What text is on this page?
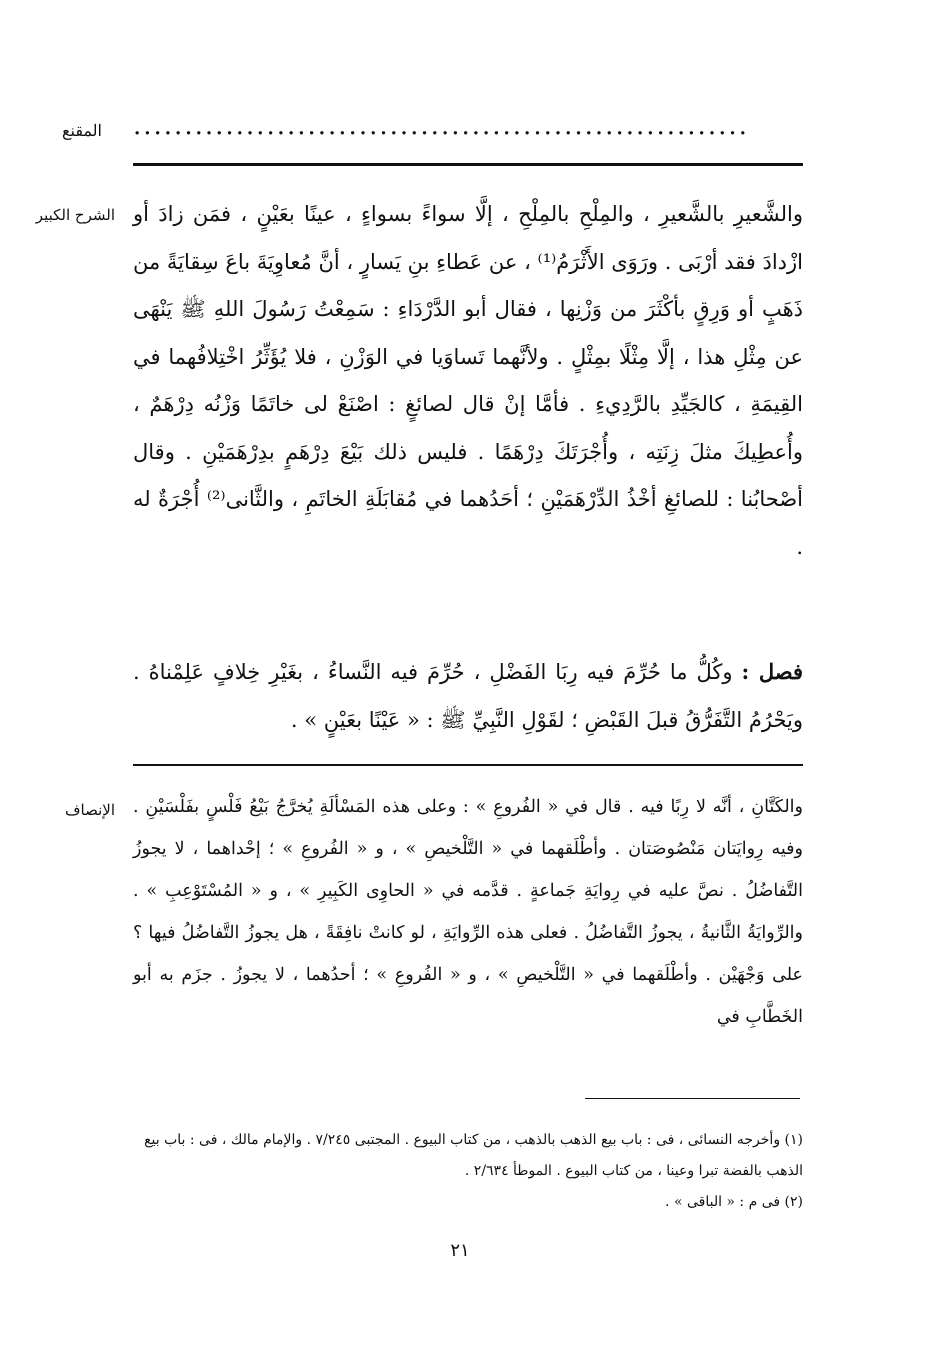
المقنع	............................................................
الشرح الكبير والشَّعيرِ بالشَّعيرِ ، والمِلْحِ بالمِلْحِ ، إلَّا سواءً بسواءٍ ، عينًا بعَيْنٍ ، فمَن زادَ أو ازْدادَ فقد أرْبَى . ورَوَى الأَثْرَمُ⁽¹⁾ ، عن عَطاءِ بنِ يَسارٍ ، أنَّ مُعاوِيَةَ باعَ سِقايَةً من ذَهَبٍ أو وَرِقٍ بأكْثَرَ من وَزْنِها ، فقال أبو الدَّرْدَاءِ : سَمِعْتُ رَسُولَ اللهِ ﷺ يَنْهَى عن مِثْلِ هذا ، إلَّا مِثْلًا بمِثْلٍ . ولأنَّهما تَساوَيا في الوَزْنِ ، فلا يُؤَثِّرُ اخْتِلافُهما في القِيمَةِ ، كالجَيِّدِ بالرَّدِيءِ . فأمَّا إنْ قال لصائغٍ : اصْنَعْ لى خاتَمًا وَزْنُه دِرْهَمٌ ، وأُعطِيكَ مثلَ زِنَتِه ، وأُجْرَتَكَ دِرْهَمًا . فليس ذلك بَيْعَ دِرْهَمٍ بدِرْهَمَيْنِ . وقال أصْحابُنا : للصائغِ أخْذُ الدِّرْهَمَيْنِ ؛ أحَدُهما في مُقابَلَةِ الخاتَمِ ، والثَّانى⁽²⁾ أُجْرَةٌ له .
فصل : وكُلُّ ما حُرِّمَ فيه رِبَا الفَضْلِ ، حُرِّمَ فيه النَّساءُ ، بغَيْرِ خِلافٍ عَلِمْناهُ . ويَحْرُمُ التَّفَرُّقُ قبلَ القَبْضِ ؛ لقَوْلِ النَّبِيِّ ﷺ : « عَيْنًا بعَيْنٍ » .
الإنصاف والكَتَّانِ ، أنَّه لا رِبًا فيه . قال في « الفُروعِ » : وعلى هذه المَسْألَةِ يُخرَّجُ بَيْعُ فَلْسٍ بفَلْسَيْنِ . وفيه رِوايَتان مَنْصُوصَتان . وأطْلَقهما في « التَّلْخيصِ » ، و « الفُروعِ » ؛ إحْداهما ، لا يجوزُ التَّفاضُلُ . نصَّ عليه في رِوايَةِ جَماعةٍ . قدَّمه في « الحاوِى الكَبِيرِ » ، و « المُسْتَوْعِبِ » . والرِّوايَةُ الثَّانيةُ ، يجوزُ التَّفاضُلُ . فعلى هذه الرِّوايَةِ ، لو كانتْ نافِقَةً ، هل يجوزُ التَّفاضُلُ فيها ؟ على وَجْهَيْن . وأطْلَقهما في « التَّلْخيصِ » ، و « الفُروعِ » ؛ أحدُهما ، لا يجوزُ . جزَم به أبو الخَطَّابِ في

(١) وأخرجه النسائى ، فى : باب بيع الذهب بالذهب ، من كتاب البيوع . المجتبى ٧/٢٤٥ . والإمام مالك ، فى : باب بيع الذهب بالفضة تبرا وعينا ، من كتاب البيوع . الموطأ ٢/٦٣٤ .

(٢) فى م : « الباقى » .

٢١
